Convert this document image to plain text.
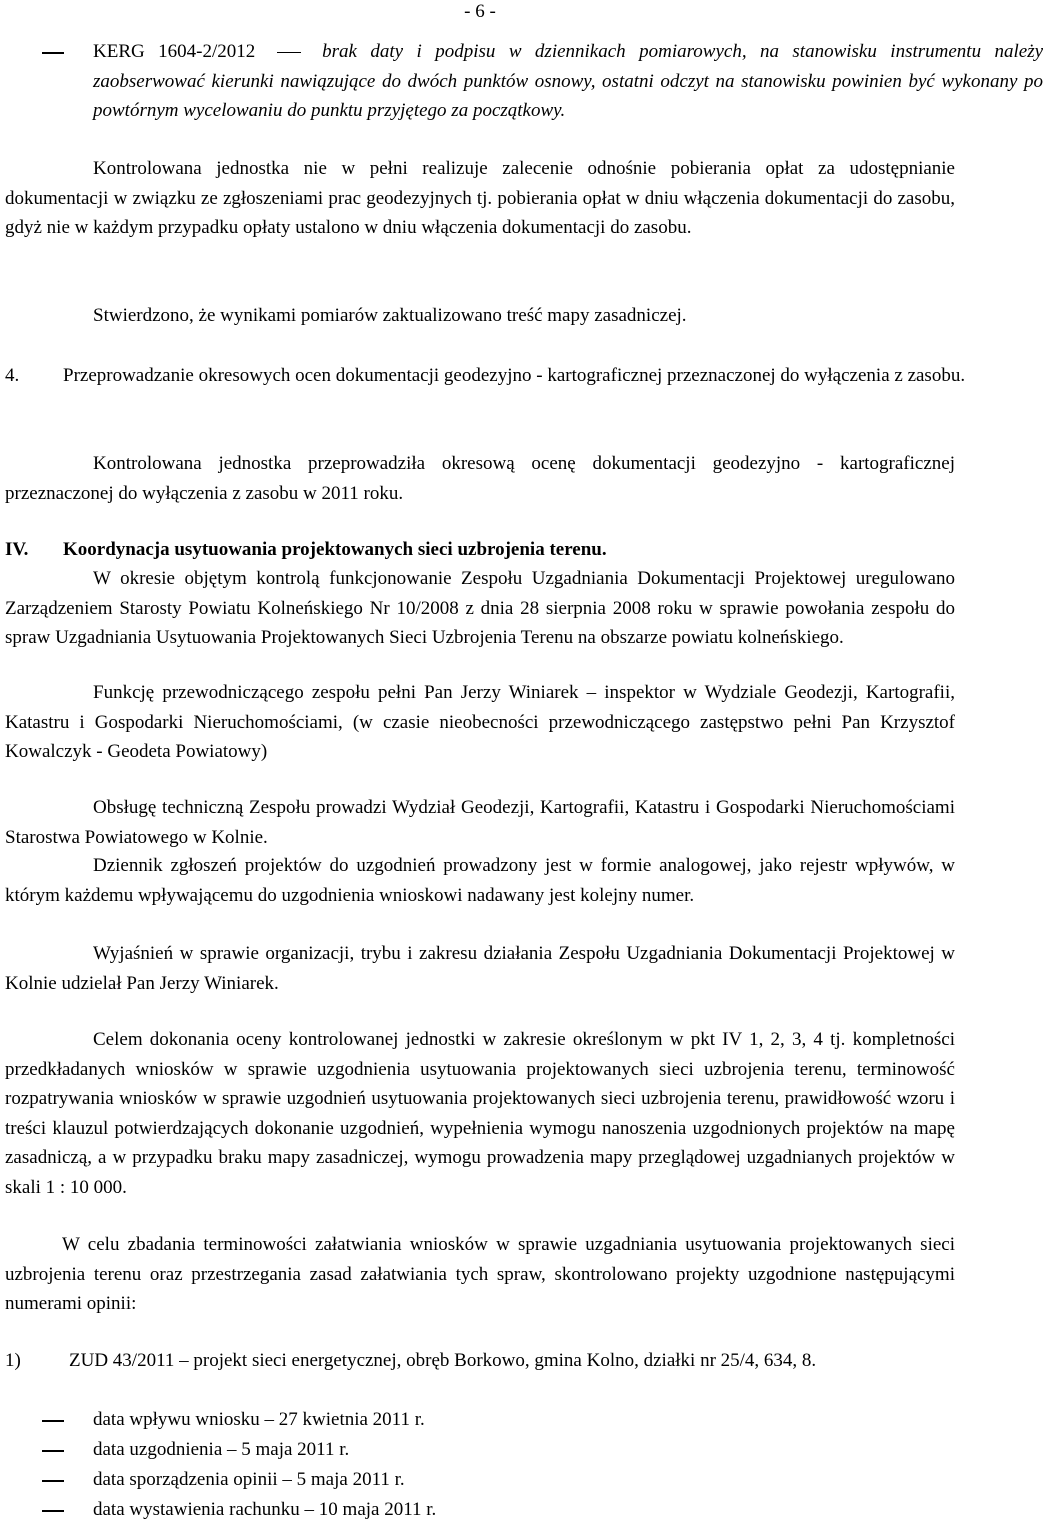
- 6 -
KERG 1604-2/2012	brak daty i podpisu w dziennikach pomiarowych, na stanowisku instrumentu należy zaobserwować kierunki nawiązujące do dwóch punktów osnowy, ostatni odczyt na stanowisku powinien być wykonany po powtórnym wycelowaniu do punktu przyjętego za początkowy.

Kontrolowana jednostka nie w pełni realizuje zalecenie odnośnie pobierania opłat za udostępnianie dokumentacji w związku ze zgłoszeniami prac geodezyjnych tj. pobierania opłat w dniu włączenia dokumentacji do zasobu, gdyż nie w każdym przypadku opłaty ustalono w dniu włączenia dokumentacji do zasobu.

Stwierdzono, że wynikami pomiarów zaktualizowano treść mapy zasadniczej.

4. Przeprowadzanie okresowych ocen dokumentacji geodezyjno - kartograficznej przeznaczonej do wyłączenia z zasobu.

Kontrolowana jednostka przeprowadziła okresową ocenę dokumentacji geodezyjno - kartograficznej przeznaczonej do wyłączenia z zasobu w 2011 roku.

IV. Koordynacja usytuowania projektowanych sieci uzbrojenia terenu.

W okresie objętym kontrolą funkcjonowanie Zespołu Uzgadniania Dokumentacji Projektowej uregulowano Zarządzeniem Starosty Powiatu Kolneńskiego Nr 10/2008 z dnia 28 sierpnia 2008 roku w sprawie powołania zespołu do spraw Uzgadniania Usytuowania Projektowanych Sieci Uzbrojenia Terenu na obszarze powiatu kolneńskiego.

Funkcję przewodniczącego zespołu pełni Pan Jerzy Winiarek – inspektor w Wydziale Geodezji, Kartografii, Katastru i Gospodarki Nieruchomościami, (w czasie nieobecności przewodniczącego zastępstwo pełni Pan Krzysztof Kowalczyk - Geodeta Powiatowy)

Obsługę techniczną Zespołu prowadzi Wydział Geodezji, Kartografii, Katastru i Gospodarki Nieruchomościami Starostwa Powiatowego w Kolnie.

Dziennik zgłoszeń projektów do uzgodnień prowadzony jest w formie analogowej, jako rejestr wpływów, w którym każdemu wpływającemu do uzgodnienia wnioskowi nadawany jest kolejny numer.

Wyjaśnień w sprawie organizacji, trybu i zakresu działania Zespołu Uzgadniania Dokumentacji Projektowej w Kolnie udzielał Pan Jerzy Winiarek.

Celem dokonania oceny kontrolowanej jednostki w zakresie określonym w pkt IV 1, 2, 3, 4 tj. kompletności przedkładanych wniosków w sprawie uzgodnienia usytuowania projektowanych sieci uzbrojenia terenu, terminowość rozpatrywania wniosków w sprawie uzgodnień usytuowania projektowanych sieci uzbrojenia terenu, prawidłowość wzoru i treści klauzul potwierdzających dokonanie uzgodnień, wypełnienia wymogu nanoszenia uzgodnionych projektów na mapę zasadniczą, a w przypadku braku mapy zasadniczej, wymogu prowadzenia mapy przeglądowej uzgadnianych projektów w skali 1 : 10 000.

W celu zbadania terminowości załatwiania wniosków w sprawie uzgadniania usytuowania projektowanych sieci uzbrojenia terenu oraz przestrzegania zasad załatwiania tych spraw, skontrolowano projekty uzgodnione następującymi numerami opinii:

1)	ZUD 43/2011 – projekt sieci energetycznej, obręb Borkowo, gmina Kolno, działki nr 25/4, 634, 8.
data wpływu wniosku – 27 kwietnia 2011 r.
data uzgodnienia – 5 maja 2011 r.
data sporządzenia opinii – 5 maja 2011 r.
data wystawienia rachunku – 10 maja 2011 r.
